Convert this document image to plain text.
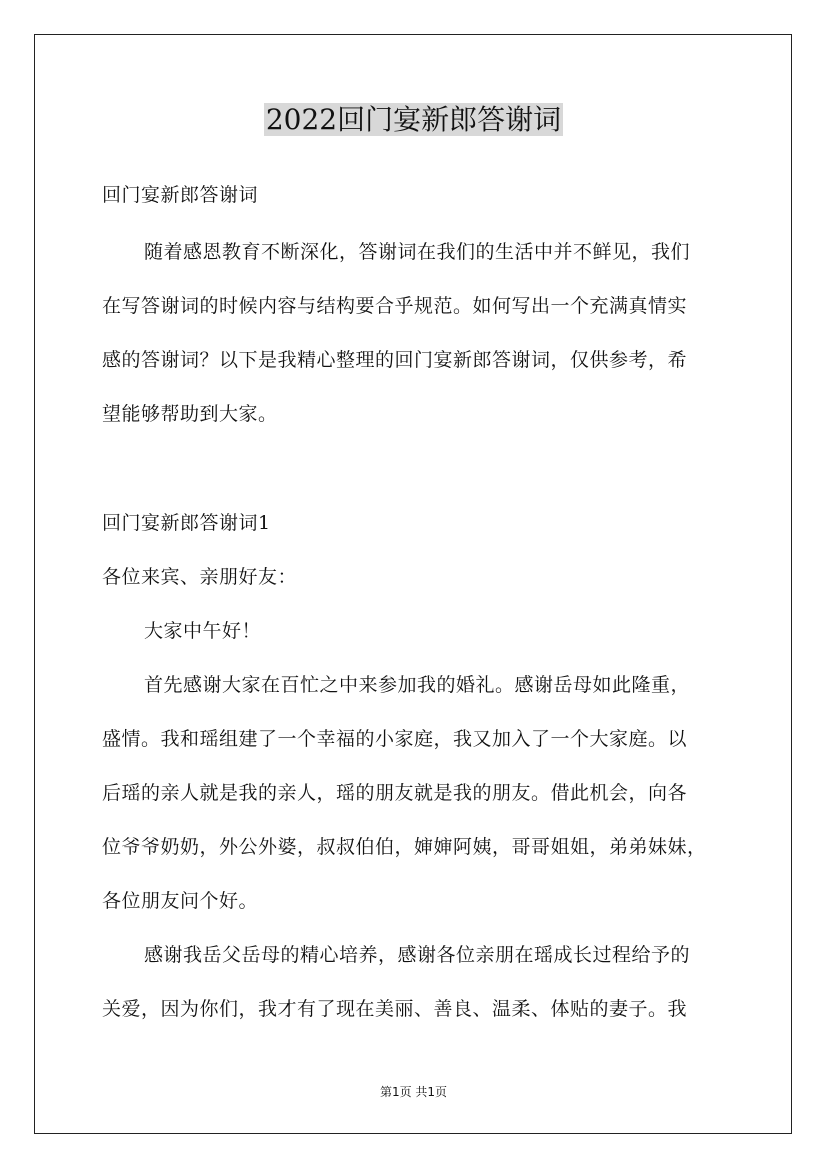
2022回门宴新郎答谢词
回门宴新郎答谢词
随着感恩教育不断深化，答谢词在我们的生活中并不鲜见，我们
在写答谢词的时候内容与结构要合乎规范。如何写出一个充满真情实
感的答谢词？以下是我精心整理的回门宴新郎答谢词，仅供参考，希
望能够帮助到大家。
回门宴新郎答谢词1
各位来宾、亲朋好友：
大家中午好！
首先感谢大家在百忙之中来参加我的婚礼。感谢岳母如此隆重，
盛情。我和瑶组建了一个幸福的小家庭，我又加入了一个大家庭。以
后瑶的亲人就是我的亲人，瑶的朋友就是我的朋友。借此机会，向各
位爷爷奶奶，外公外婆，叔叔伯伯，婶婶阿姨，哥哥姐姐，弟弟妹妹，
各位朋友问个好。
感谢我岳父岳母的精心培养，感谢各位亲朋在瑶成长过程给予的
关爱，因为你们，我才有了现在美丽、善良、温柔、体贴的妻子。我
第1页 共1页
